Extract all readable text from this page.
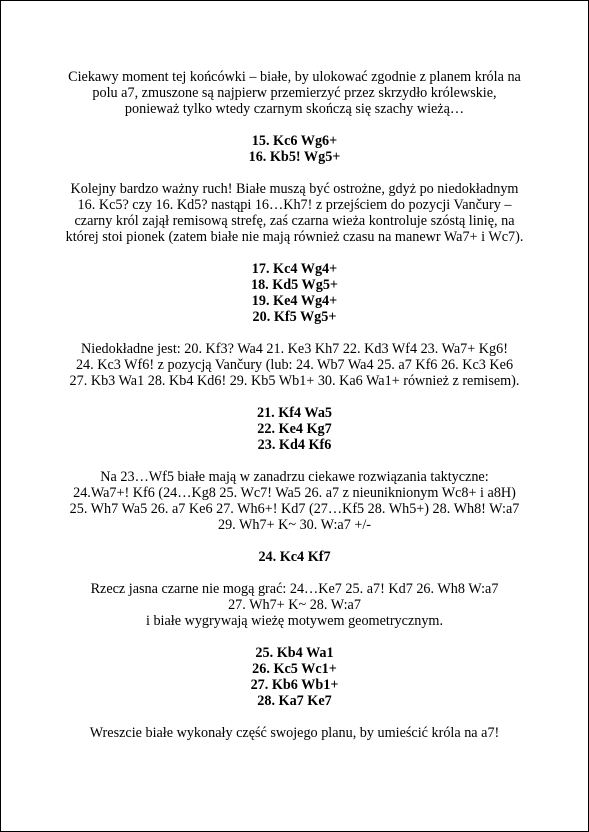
Ciekawy moment tej końcówki – białe, by ulokować zgodnie z planem króla na
polu a7, zmuszone są najpierw przemierzyć przez skrzydło królewskie,
ponieważ tylko wtedy czarnym skończą się szachy wieżą…

15. Kc6 Wg6+
16. Kb5! Wg5+

Kolejny bardzo ważny ruch! Białe muszą być ostrożne, gdyż po niedokładnym
16. Kc5? czy 16. Kd5? nastąpi 16…Kh7! z przejściem do pozycji Vančury –
czarny król zajął remisową strefę, zaś czarna wieża kontroluje szóstą linię, na
której stoi pionek (zatem białe nie mają również czasu na manewr Wa7+ i Wc7).

17. Kc4 Wg4+
18. Kd5 Wg5+
19. Ke4 Wg4+
20. Kf5 Wg5+

Niedokładne jest: 20. Kf3? Wa4 21. Ke3 Kh7 22. Kd3 Wf4 23. Wa7+ Kg6!
24. Kc3 Wf6! z pozycją Vančury (lub: 24. Wb7 Wa4 25. a7 Kf6 26. Kc3 Ke6
27. Kb3 Wa1 28. Kb4 Kd6! 29. Kb5 Wb1+ 30. Ka6 Wa1+ również z remisem).

21. Kf4 Wa5
22. Ke4 Kg7
23. Kd4 Kf6

Na 23…Wf5 białe mają w zanadrzu ciekawe rozwiązania taktyczne:
24.Wa7+! Kf6 (24…Kg8 25. Wc7! Wa5 26. a7 z nieuniknionym Wc8+ i a8H)
25. Wh7 Wa5 26. a7 Ke6 27. Wh6+! Kd7 (27…Kf5 28. Wh5+) 28. Wh8! W:a7
29. Wh7+ K~ 30. W:a7 +/-

24. Kc4 Kf7

Rzecz jasna czarne nie mogą grać: 24…Ke7 25. a7! Kd7 26. Wh8 W:a7
27. Wh7+ K~ 28. W:a7
i białe wygrywają wieżę motywem geometrycznym.

25. Kb4 Wa1
26. Kc5 Wc1+
27. Kb6 Wb1+
28. Ka7 Ke7

Wreszcie białe wykonały część swojego planu, by umieścić króla na a7!
